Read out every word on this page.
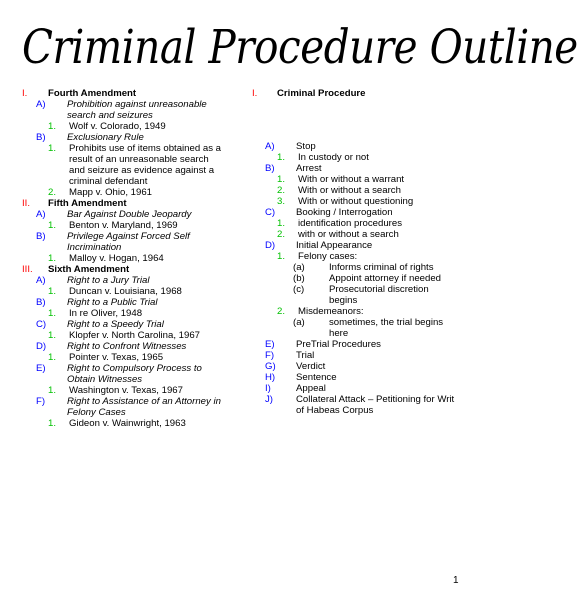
Criminal Procedure Outline
I. Fourth Amendment
A) Prohibition against unreasonable
search and seizures
1. Wolf v. Colorado, 1949
B) Exclusionary Rule
1. Prohibits use of items obtained as a
result of an unreasonable search
and seizure as evidence against a
criminal defendant
2. Mapp v. Ohio, 1961
II. Fifth Amendment
A) Bar Against Double Jeopardy
1. Benton v. Maryland, 1969
B) Privilege Against Forced Self
Incrimination
1. Malloy v. Hogan, 1964
III. Sixth Amendment
A) Right to a Jury Trial
1. Duncan v. Louisiana, 1968
B) Right to a Public Trial
1. In re Oliver, 1948
C) Right to a Speedy Trial
1. Klopfer v. North Carolina, 1967
D) Right to Confront Witnesses
1. Pointer v. Texas, 1965
E) Right to Compulsory Process to
Obtain Witnesses
1. Washington v. Texas, 1967
F) Right to Assistance of an Attorney in
Felony Cases
1. Gideon v. Wainwright, 1963
I. Criminal Procedure
A) Stop
1. In custody or not
B) Arrest
1. With or without a warrant
2. With or without a search
3. With or without questioning
C) Booking / Interrogation
1. identification procedures
2. with or without a search
D) Initial Appearance
1. Felony cases:
(a)	Informs criminal of rights
(b)	Appoint attorney if needed
(c)	Prosecutorial discretion
begins
2. Misdemeanors:
(a)	sometimes, the trial begins
here
E) PreTrial Procedures
F) Trial
G) Verdict
H) Sentence
I)	Appeal
J) Collateral Attack – Petitioning for Writ
of Habeas Corpus
1
